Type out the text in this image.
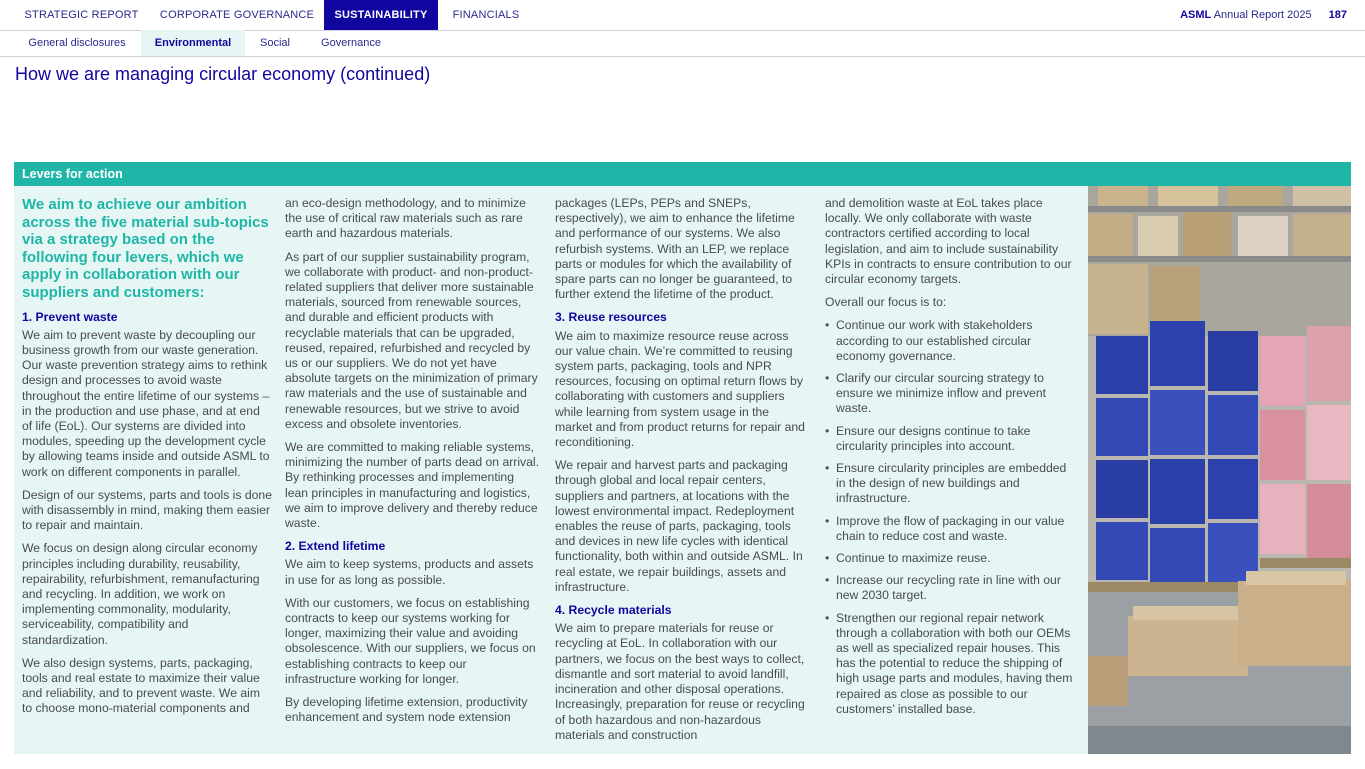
STRATEGIC REPORT	CORPORATE GOVERNANCE	SUSTAINABILITY	FINANCIALS	ASML Annual Report 2025 187
General disclosures	Environmental	Social	Governance
How we are managing circular economy (continued)
Levers for action

We aim to achieve our ambition across the five material sub-topics via a strategy based on the following four levers, which we apply in collaboration with our suppliers and customers:

1. Prevent waste

We aim to prevent waste by decoupling our business growth from our waste generation. Our waste prevention strategy aims to rethink design and processes to avoid waste throughout the entire lifetime of our systems – in the production and use phase, and at end of life (EoL). Our systems are divided into modules, speeding up the development cycle by allowing teams inside and outside ASML to work on different components in parallel.

Design of our systems, parts and tools is done with disassembly in mind, making them easier to repair and maintain.

We focus on design along circular economy principles including durability, reusability, repairability, refurbishment, remanufacturing and recycling. In addition, we work on implementing commonality, modularity, serviceability, compatibility and standardization.

We also design systems, parts, packaging, tools and real estate to maximize their value and reliability, and to prevent waste. We aim to choose mono-material components and

an eco-design methodology, and to minimize the use of critical raw materials such as rare earth and hazardous materials.

As part of our supplier sustainability program, we collaborate with product- and non-product-related suppliers that deliver more sustainable materials, sourced from renewable sources, and durable and efficient products with recyclable materials that can be upgraded, reused, repaired, refurbished and recycled by us or our suppliers. We do not yet have absolute targets on the minimization of primary raw materials and the use of sustainable and renewable resources, but we strive to avoid excess and obsolete inventories.

We are committed to making reliable systems, minimizing the number of parts dead on arrival. By rethinking processes and implementing lean principles in manufacturing and logistics, we aim to improve delivery and thereby reduce waste.

2. Extend lifetime

We aim to keep systems, products and assets in use for as long as possible.

With our customers, we focus on establishing contracts to keep our systems working for longer, maximizing their value and avoiding obsolescence. With our suppliers, we focus on establishing contracts to keep our infrastructure working for longer.

By developing lifetime extension, productivity enhancement and system node extension

packages (LEPs, PEPs and SNEPs, respectively), we aim to enhance the lifetime and performance of our systems. We also refurbish systems. With an LEP, we replace parts or modules for which the availability of spare parts can no longer be guaranteed, to further extend the lifetime of the product.

3. Reuse resources

We aim to maximize resource reuse across our value chain. We’re committed to reusing system parts, packaging, tools and NPR resources, focusing on optimal return flows by collaborating with customers and suppliers while learning from system usage in the market and from product returns for repair and reconditioning.

We repair and harvest parts and packaging through global and local repair centers, suppliers and partners, at locations with the lowest environmental impact. Redeployment enables the reuse of parts, packaging, tools and devices in new life cycles with identical functionality, both within and outside ASML. In real estate, we repair buildings, assets and infrastructure.

4. Recycle materials

We aim to prepare materials for reuse or recycling at EoL. In collaboration with our partners, we focus on the best ways to collect, dismantle and sort material to avoid landfill, incineration and other disposal operations. Increasingly, preparation for reuse or recycling of both hazardous and non-hazardous materials and construction

and demolition waste at EoL takes place locally. We only collaborate with waste contractors certified according to local legislation, and aim to include sustainability KPIs in contracts to ensure contribution to our circular economy targets.

Overall our focus is to:

• Continue our work with stakeholders according to our established circular economy governance.
• Clarify our circular sourcing strategy to ensure we minimize inflow and prevent waste.
• Ensure our designs continue to take circularity principles into account.
• Ensure circularity principles are embedded in the design of new buildings and infrastructure.
• Improve the flow of packaging in our value chain to reduce cost and waste.
• Continue to maximize reuse.
• Increase our recycling rate in line with our new 2030 target.
• Strengthen our regional repair network through a collaboration with both our OEMs as well as specialized repair houses. This has the potential to reduce the shipping of high usage parts and modules, having them repaired as close as possible to our customers’ installed base.
